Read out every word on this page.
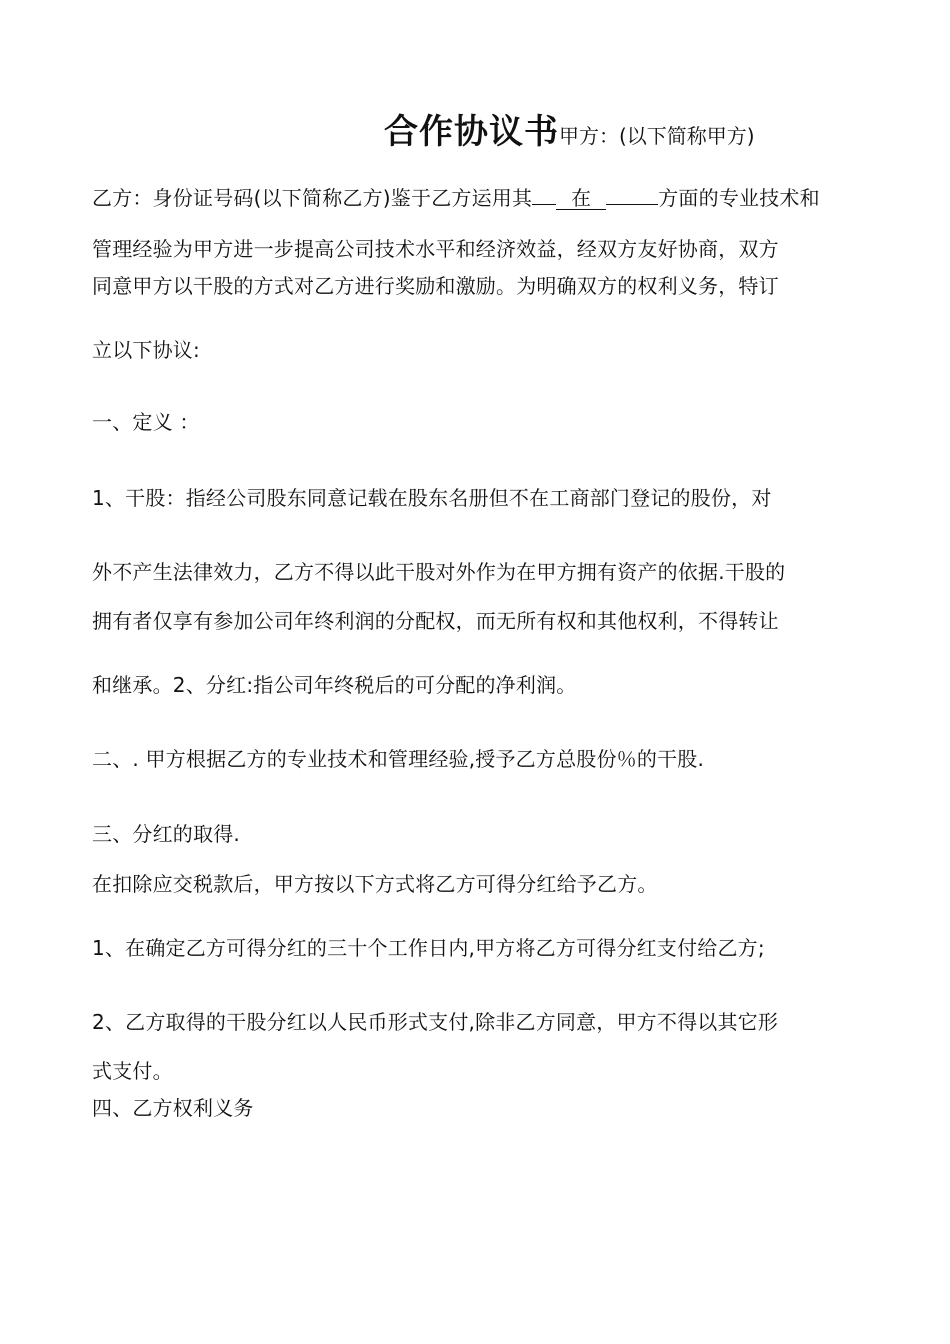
合作协议书甲方：(以下简称甲方)
乙方：身份证号码(以下简称乙方)鉴于乙方运用其 在	方面的专业技术和
管理经验为甲方进一步提高公司技术水平和经济效益，经双方友好协商，双方
同意甲方以干股的方式对乙方进行奖励和激励。为明确双方的权利义务，特订
立以下协议:
一、定义 ：
1、干股：指经公司股东同意记载在股东名册但不在工商部门登记的股份，对
外不产生法律效力，乙方不得以此干股对外作为在甲方拥有资产的依据.干股的
拥有者仅享有参加公司年终利润的分配权，而无所有权和其他权利，不得转让
和继承。2、分红:指公司年终税后的可分配的净利润。
二、. 甲方根据乙方的专业技术和管理经验,授予乙方总股份％的干股.
三、分红的取得.
在扣除应交税款后，甲方按以下方式将乙方可得分红给予乙方。
1、在确定乙方可得分红的三十个工作日内,甲方将乙方可得分红支付给乙方;
2、乙方取得的干股分红以人民币形式支付,除非乙方同意，甲方不得以其它形
式支付。
四、乙方权利义务
